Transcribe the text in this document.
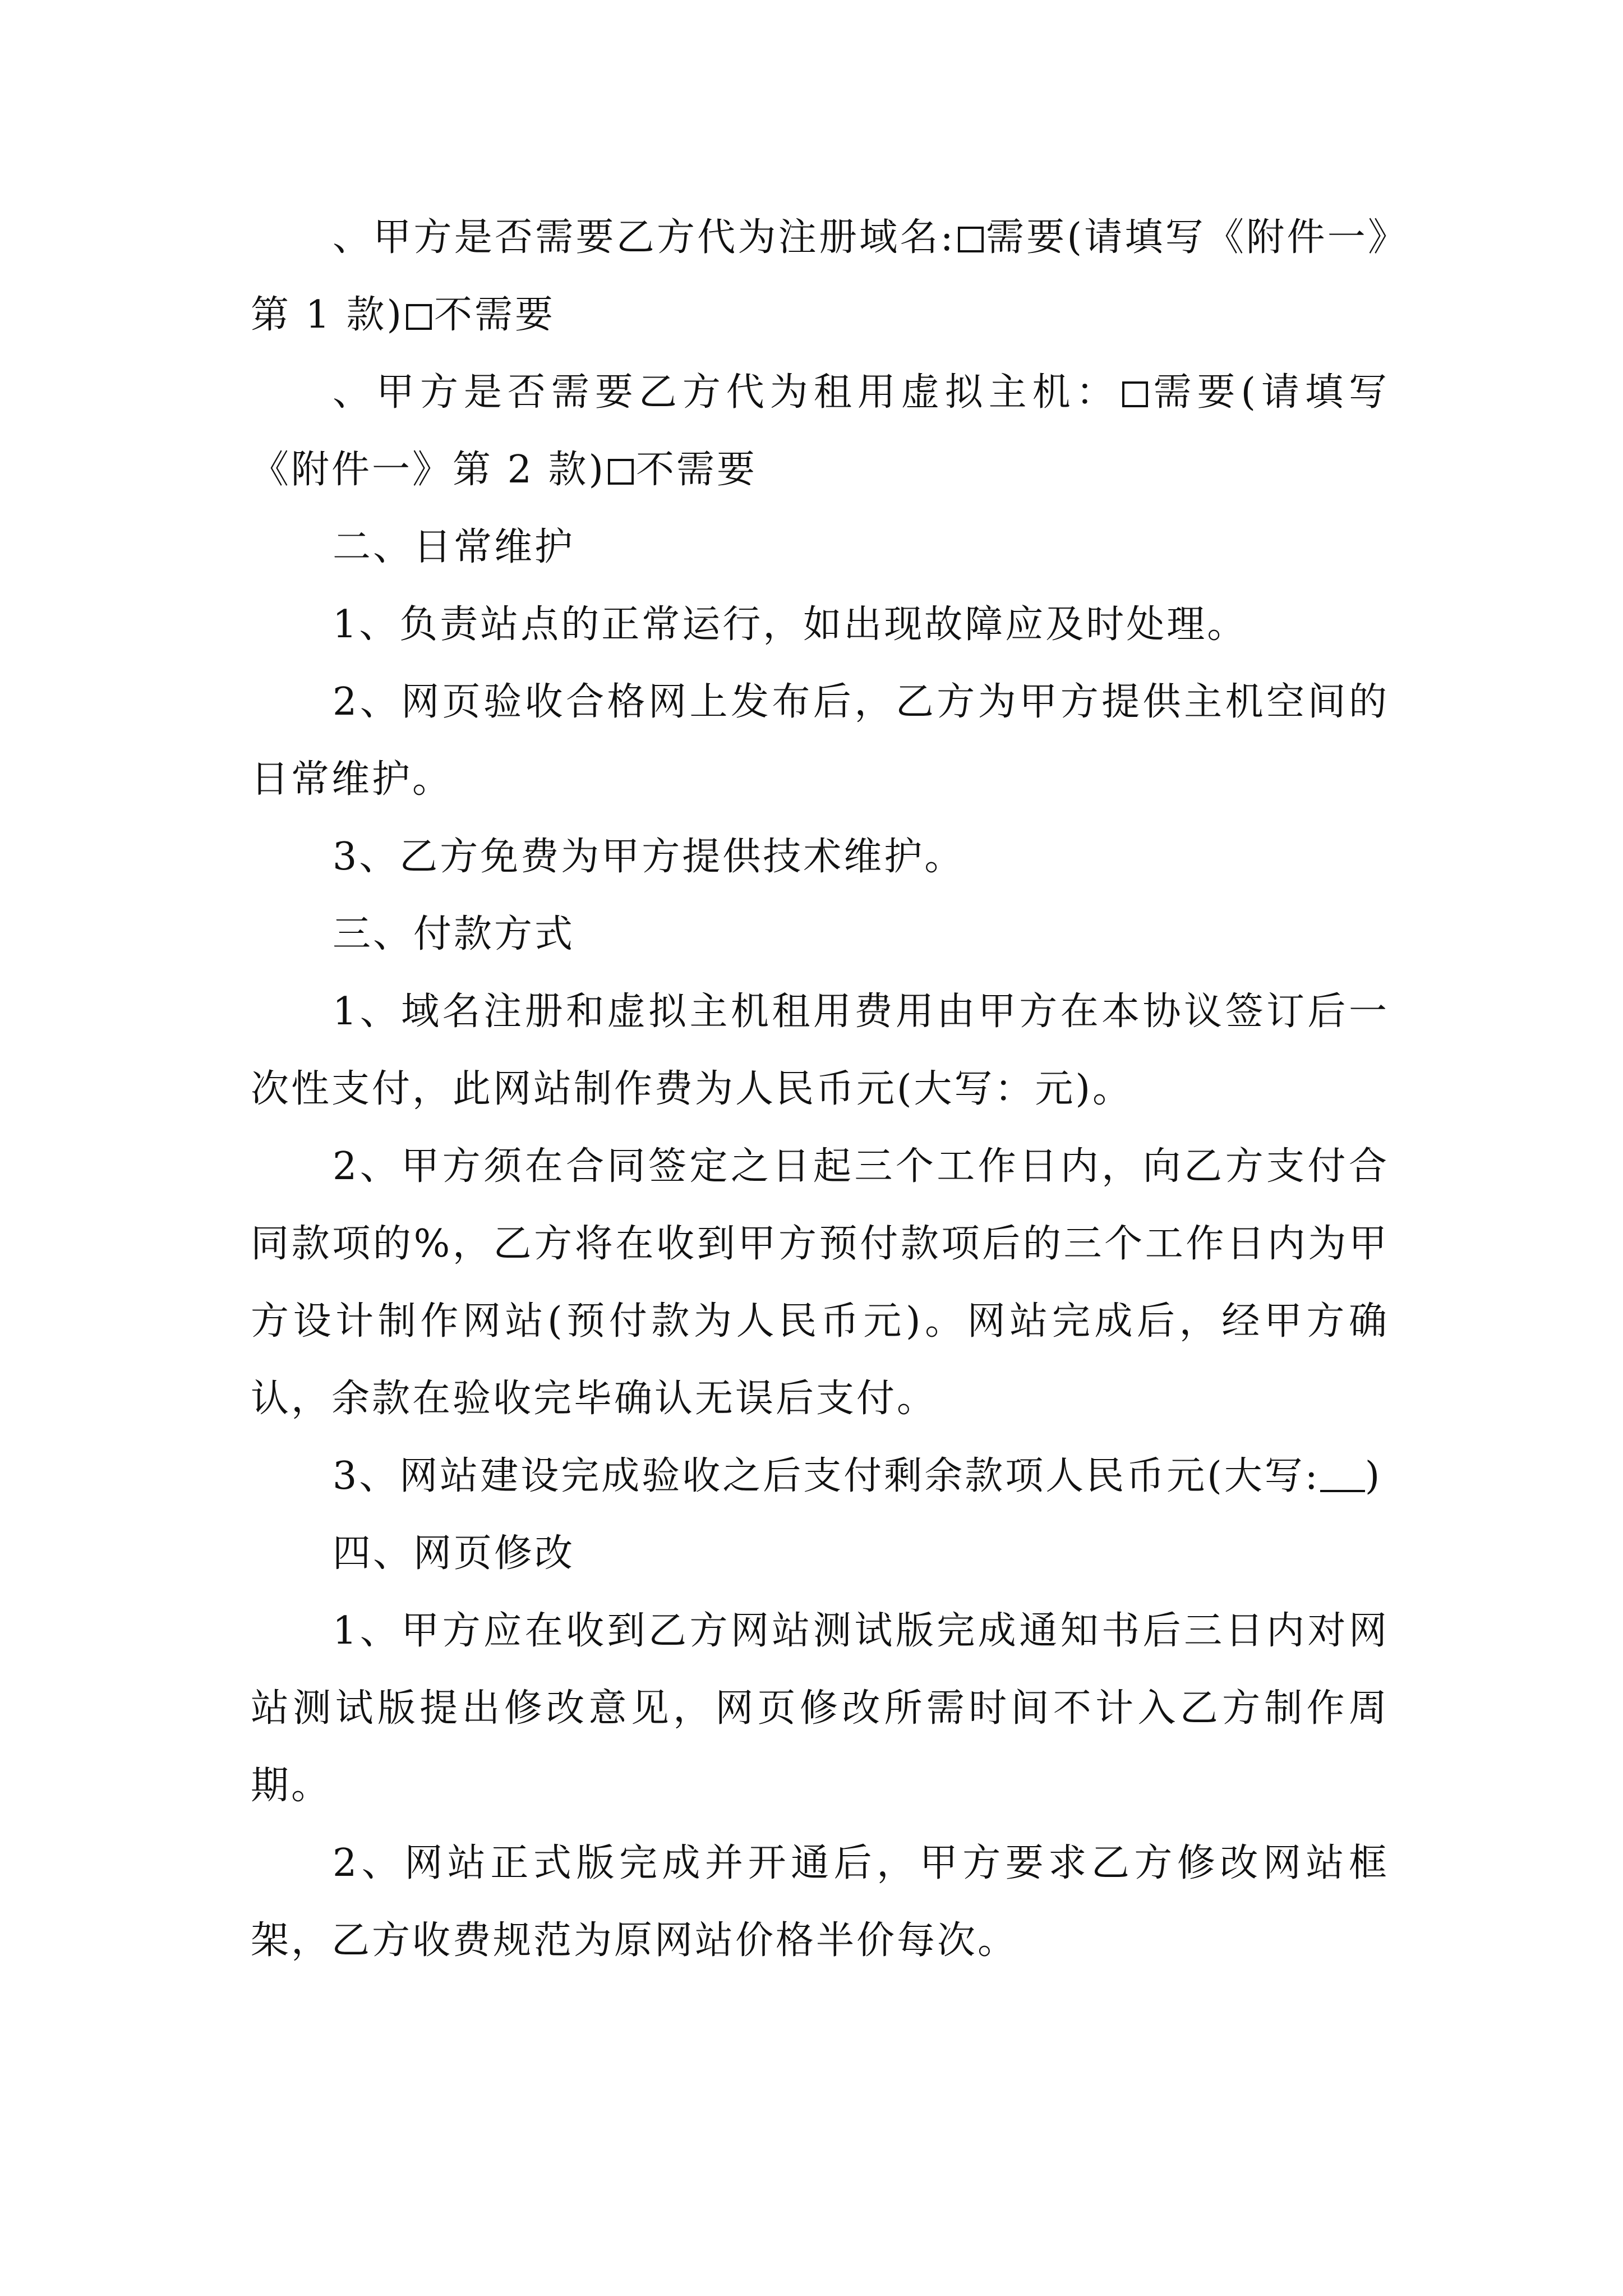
、甲方是否需要乙方代为注册域名: 需要(请填写《附件一》第 1 款) 不需要

、甲方是否需要乙方代为租用虚拟主机： 需要(请填写《附件一》第 2 款) 不需要

二、日常维护

1、负责站点的正常运行，如出现故障应及时处理。

2、网页验收合格网上发布后，乙方为甲方提供主机空间的日常维护。

3、乙方免费为甲方提供技术维护。

三、付款方式

1、域名注册和虚拟主机租用费用由甲方在本协议签订后一次性支付，此网站制作费为人民币元(大写：元)。

2、甲方须在合同签定之日起三个工作日内，向乙方支付合同款项的%，乙方将在收到甲方预付款项后的三个工作日内为甲方设计制作网站(预付款为人民币元)。网站完成后，经甲方确认，余款在验收完毕确认无误后支付。

3、网站建设完成验收之后支付剩余款项人民币元(大写: )

四、网页修改

1、甲方应在收到乙方网站测试版完成通知书后三日内对网站测试版提出修改意见，网页修改所需时间不计入乙方制作周期。

2、网站正式版完成并开通后，甲方要求乙方修改网站框架，乙方收费规范为原网站价格半价每次。
